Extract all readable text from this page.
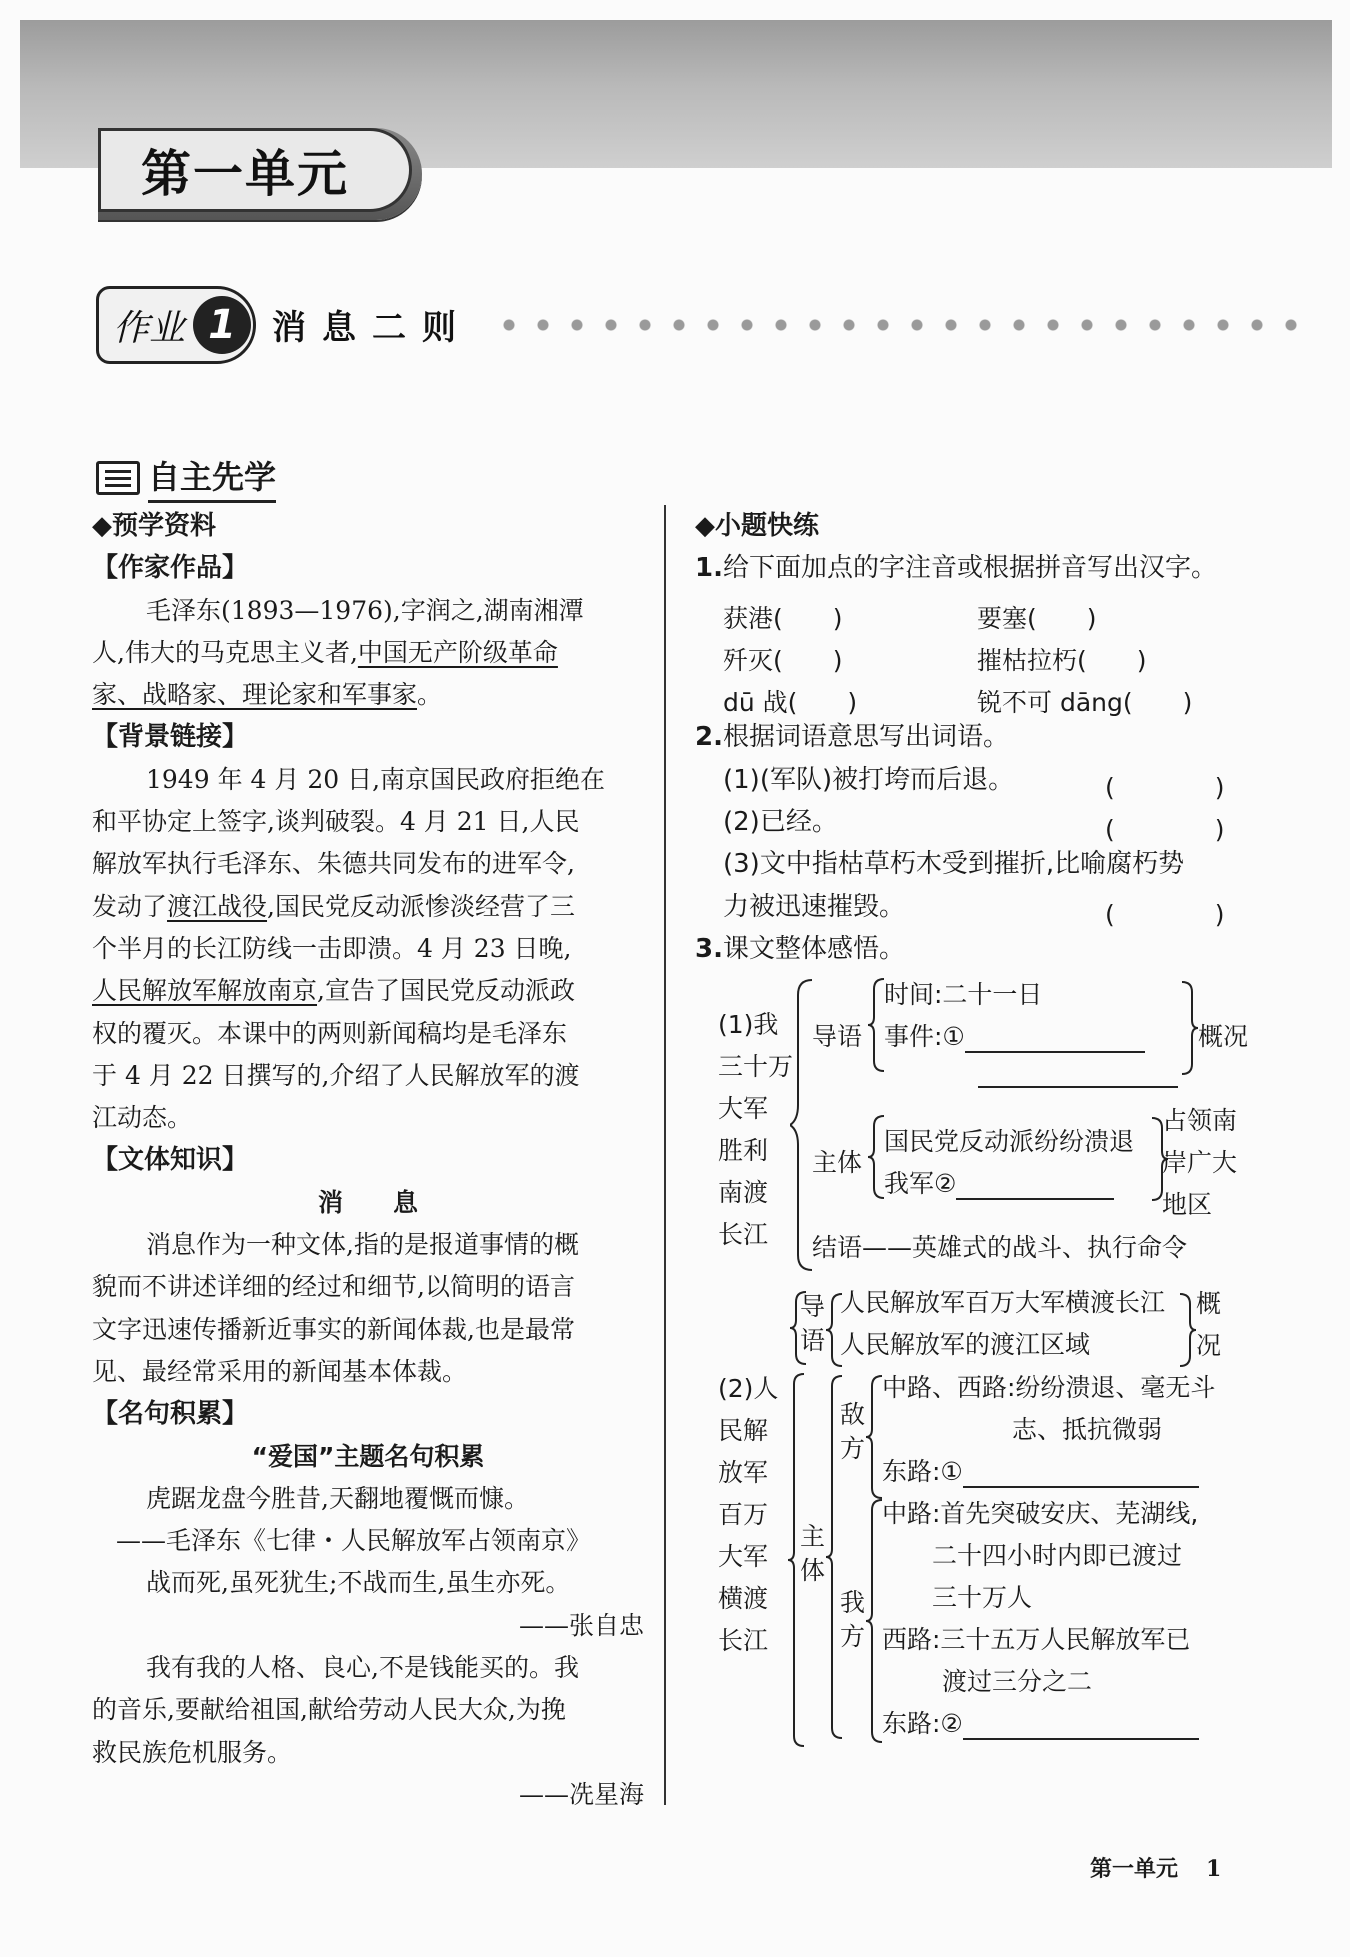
第一单元
作业 1	消息二则
自主先学
◆预学资料
【作家作品】
毛泽东(1893—1976),字润之,湖南湘潭
人,伟大的马克思主义者,中国无产阶级革命
家、战略家、理论家和军事家。
【背景链接】
1949 年 4 月 20 日,南京国民政府拒绝在
和平协定上签字,谈判破裂。4 月 21 日,人民
解放军执行毛泽东、朱德共同发布的进军令,
发动了渡江战役,国民党反动派惨淡经营了三
个半月的长江防线一击即溃。4 月 23 日晚,
人民解放军解放南京,宣告了国民党反动派政
权的覆灭。本课中的两则新闻稿均是毛泽东
于 4 月 22 日撰写的,介绍了人民解放军的渡
江动态。
【文体知识】
消　　息
消息作为一种文体,指的是报道事情的概
貌而不讲述详细的经过和细节,以简明的语言
文字迅速传播新近事实的新闻体裁,也是最常
见、最经常采用的新闻基本体裁。
【名句积累】
“爱国”主题名句积累
虎踞龙盘今胜昔,天翻地覆慨而慷。
——毛泽东《七律・人民解放军占领南京》
战而死,虽死犹生;不战而生,虽生亦死。
——张自忠
我有我的人格、良心,不是钱能买的。我
的音乐,要献给祖国,献给劳动人民大众,为挽
救民族危机服务。
——冼星海
◆小题快练
1.给下面加点的字注音或根据拼音写出汉字。
获港(　　)	要塞(　　)
歼灭(　　)	摧枯拉朽(　　)
dū 战(　　)	锐不可 dāng(　　)
2.根据词语意思写出词语。
(1)(军队)被打垮而后退。	(　　　　)
(2)已经。	(　　　　)
(3)文中指枯草朽木受到摧折,比喻腐朽势
力被迅速摧毁。	(　　　　)
3.课文整体感悟。
(1)我
三十万
大军
胜利
南渡
长江
导语
时间:二十一日
事件:①	概况
主体
国民党反动派纷纷溃退
我军②
占领南
岸广大
地区
结语——英雄式的战斗、执行命令
导
语
人民解放军百万大军横渡长江
人民解放军的渡江区域
概
况
(2)人
民解
放军
百万
大军
横渡
长江
主
体
敌
方
中路、西路:纷纷溃退、毫无斗
志、抵抗微弱
东路:①
我
方
中路:首先突破安庆、芜湖线,
二十四小时内即已渡过
三十万人
西路:三十五万人民解放军已
渡过三分之二
东路:②
第一单元 1
